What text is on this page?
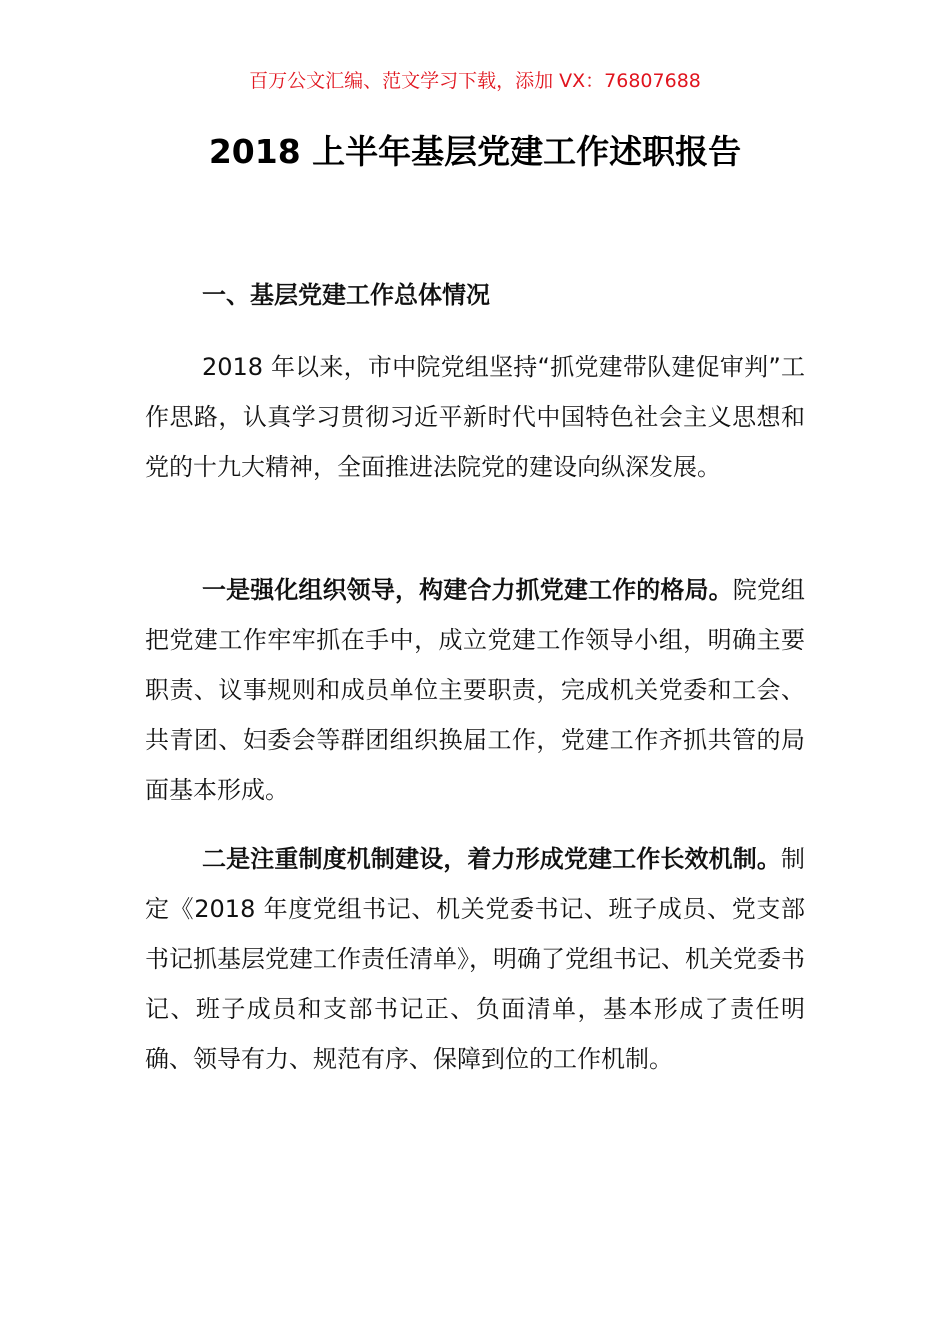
百万公文汇编、范文学习下载，添加 VX：76807688
2018 上半年基层党建工作述职报告

一、基层党建工作总体情况

2018 年以来，市中院党组坚持“抓党建带队建促审判”工作思路，认真学习贯彻习近平新时代中国特色社会主义思想和党的十九大精神，全面推进法院党的建设向纵深发展。

一是强化组织领导，构建合力抓党建工作的格局。院党组把党建工作牢牢抓在手中，成立党建工作领导小组，明确主要职责、议事规则和成员单位主要职责，完成机关党委和工会、共青团、妇委会等群团组织换届工作，党建工作齐抓共管的局面基本形成。

二是注重制度机制建设，着力形成党建工作长效机制。制定《2018 年度党组书记、机关党委书记、班子成员、党支部书记抓基层党建工作责任清单》，明确了党组书记、机关党委书记、班子成员和支部书记正、负面清单，基本形成了责任明确、领导有力、规范有序、保障到位的工作机制。
